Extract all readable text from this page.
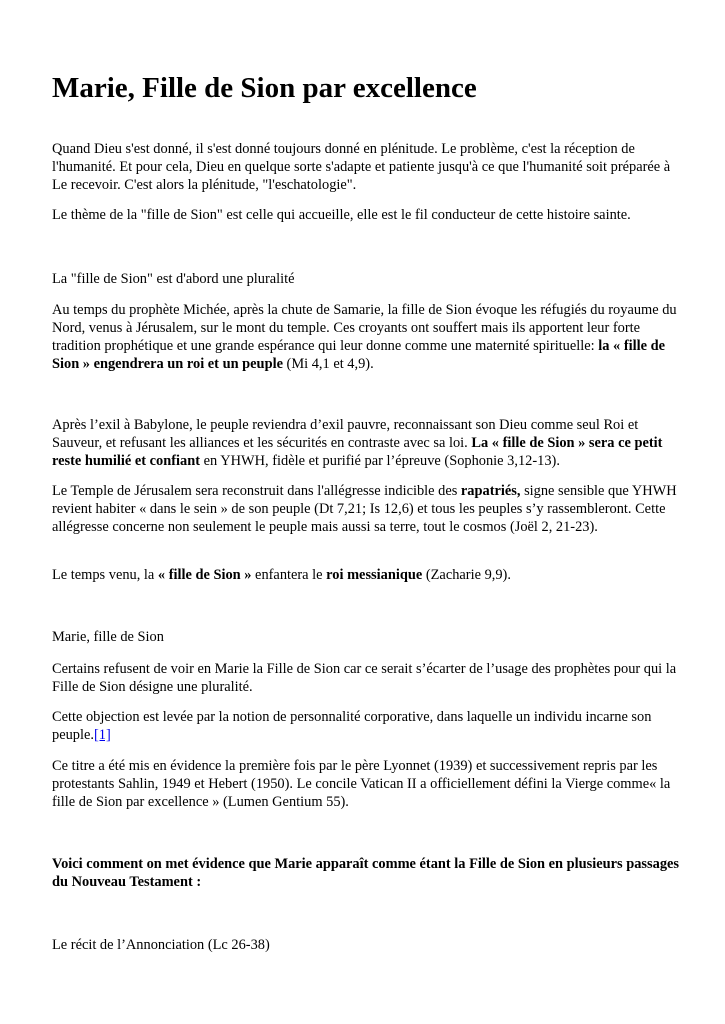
Marie, Fille de Sion par excellence

Quand Dieu s'est donné, il s'est donné toujours donné en plénitude. Le problème, c'est la réception de l'humanité. Et pour cela, Dieu en quelque sorte s'adapte et patiente jusqu'à ce que l'humanité soit préparée à Le recevoir. C'est alors la plénitude, "l'eschatologie".

Le thème de la "fille de Sion" est celle qui accueille, elle est le fil conducteur de cette histoire sainte.

La "fille de Sion" est d'abord une pluralité

Au temps du prophète Michée, après la chute de Samarie, la fille de Sion évoque les réfugiés du royaume du Nord, venus à Jérusalem, sur le mont du temple. Ces croyants ont souffert mais ils apportent leur forte tradition prophétique et une grande espérance qui leur donne comme une maternité spirituelle: la « fille de Sion » engendrera un roi et un peuple (Mi 4,1 et 4,9).

Après l’exil à Babylone, le peuple reviendra d’exil pauvre, reconnaissant son Dieu comme seul Roi et Sauveur, et refusant les alliances et les sécurités en contraste avec sa loi. La « fille de Sion » sera ce petit reste humilié et confiant en YHWH, fidèle et purifié par l’épreuve (Sophonie 3,12-13).

Le Temple de Jérusalem sera reconstruit dans l'allégresse indicible des rapatriés, signe sensible que YHWH revient habiter « dans le sein » de son peuple (Dt 7,21; Is 12,6) et tous les peuples s’y rassembleront. Cette allégresse concerne non seulement le peuple mais aussi sa terre, tout le cosmos (Joël 2, 21-23).

Le temps venu, la « fille de Sion » enfantera le roi messianique (Zacharie 9,9).

Marie, fille de Sion

Certains refusent de voir en Marie la Fille de Sion car ce serait s’écarter de l’usage des prophètes pour qui la Fille de Sion désigne une pluralité.

Cette objection est levée par la notion de personnalité corporative, dans laquelle un individu incarne son peuple.[1]

Ce titre a été mis en évidence la première fois par le père Lyonnet (1939) et successivement repris par les protestants Sahlin, 1949 et Hebert (1950). Le concile Vatican II a officiellement défini la Vierge comme« la fille de Sion par excellence » (Lumen Gentium 55).

Voici comment on met évidence que Marie apparaît comme étant la Fille de Sion en plusieurs passages du Nouveau Testament :

Le récit de l’Annonciation (Lc 26-38)
